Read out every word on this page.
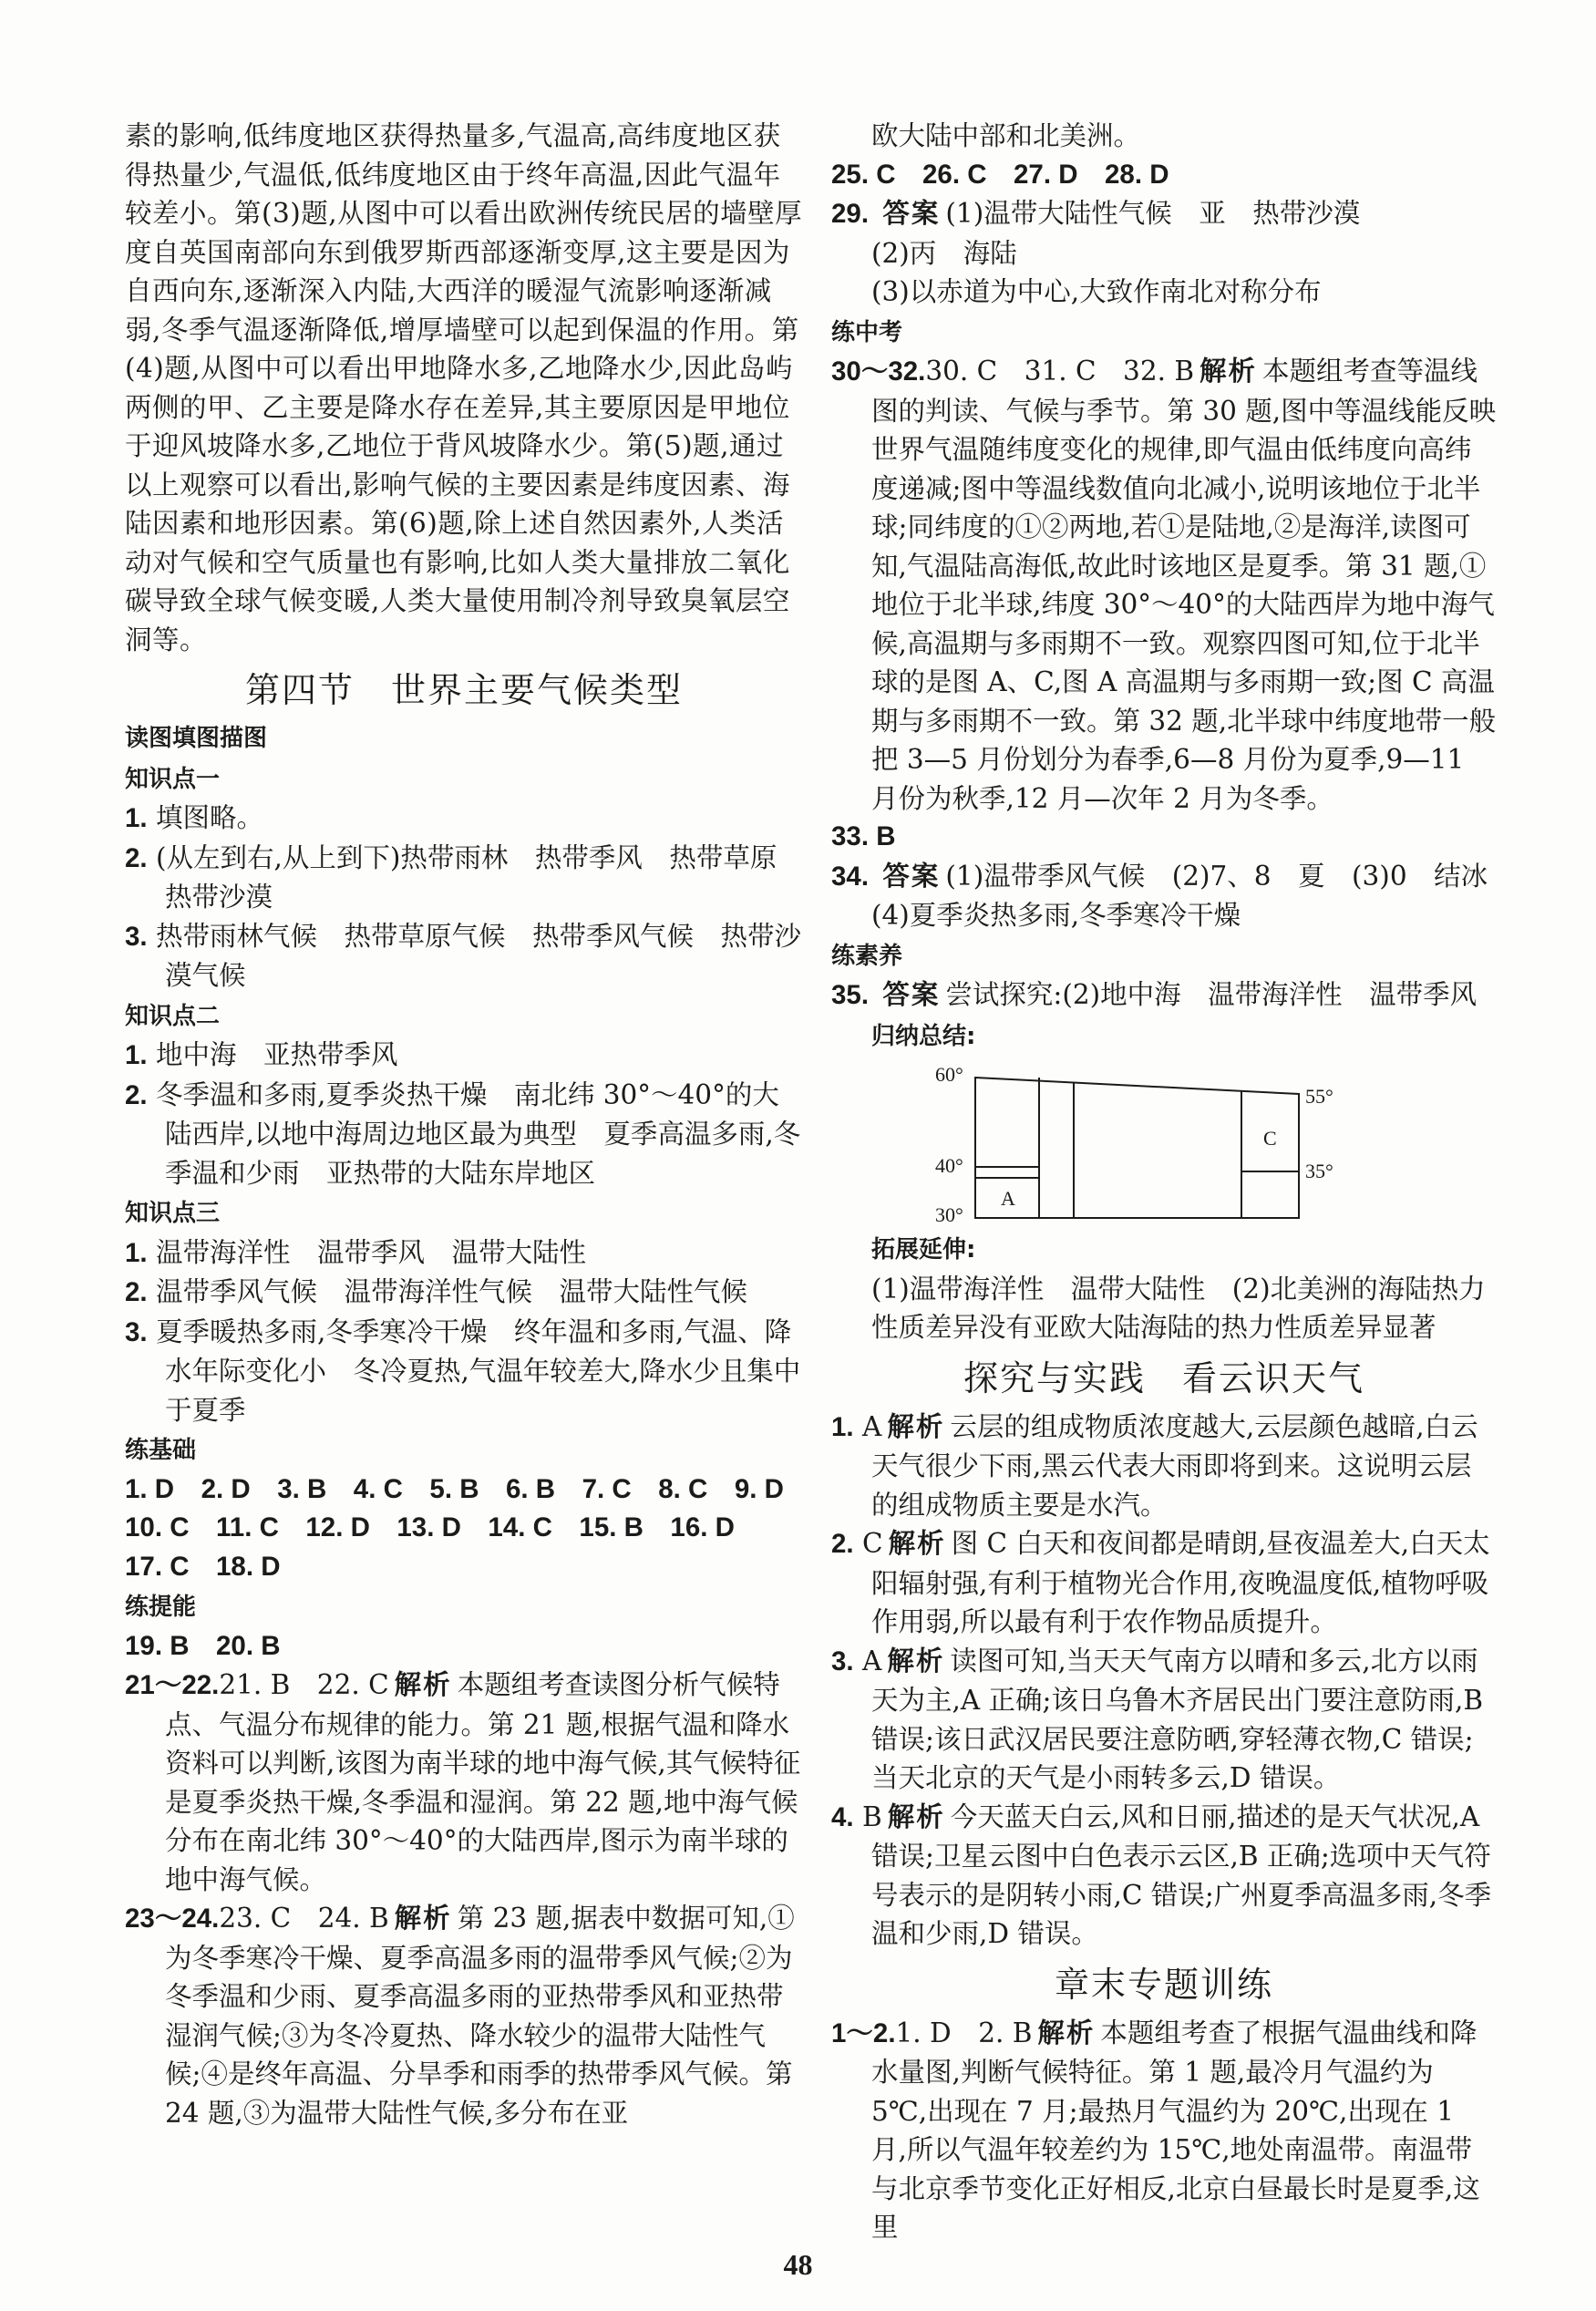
素的影响,低纬度地区获得热量多,气温高,高纬度地区获得热量少,气温低,低纬度地区由于终年高温,因此气温年较差小。第(3)题,从图中可以看出欧洲传统民居的墙壁厚度自英国南部向东到俄罗斯西部逐渐变厚,这主要是因为自西向东,逐渐深入内陆,大西洋的暖湿气流影响逐渐减弱,冬季气温逐渐降低,增厚墙壁可以起到保温的作用。第(4)题,从图中可以看出甲地降水多,乙地降水少,因此岛屿两侧的甲、乙主要是降水存在差异,其主要原因是甲地位于迎风坡降水多,乙地位于背风坡降水少。第(5)题,通过以上观察可以看出,影响气候的主要因素是纬度因素、海陆因素和地形因素。第(6)题,除上述自然因素外,人类活动对气候和空气质量也有影响,比如人类大量排放二氧化碳导致全球气候变暖,人类大量使用制冷剂导致臭氧层空洞等。

第四节　世界主要气候类型

读图填图描图

知识点一

1. 填图略。

2. (从左到右,从上到下)热带雨林　热带季风　热带草原　热带沙漠

3. 热带雨林气候　热带草原气候　热带季风气候　热带沙漠气候

知识点二

1. 地中海　亚热带季风

2. 冬季温和多雨,夏季炎热干燥　南北纬 30°～40°的大陆西岸,以地中海周边地区最为典型　夏季高温多雨,冬季温和少雨　亚热带的大陆东岸地区

知识点三

1. 温带海洋性　温带季风　温带大陆性

2. 温带季风气候　温带海洋性气候　温带大陆性气候

3. 夏季暖热多雨,冬季寒冷干燥　终年温和多雨,气温、降水年际变化小　冬冷夏热,气温年较差大,降水少且集中于夏季

练基础

1. D　2. D　3. B　4. C　5. B　6. B　7. C　8. C　9. D

10. C　11. C　12. D　13. D　14. C　15. B　16. D

17. C　18. D

练提能

19. B　20. B

21～22.21. B　22. C 解析 本题组考查读图分析气候特点、气温分布规律的能力。第 21 题,根据气温和降水资料可以判断,该图为南半球的地中海气候,其气候特征是夏季炎热干燥,冬季温和湿润。第 22 题,地中海气候分布在南北纬 30°～40°的大陆西岸,图示为南半球的地中海气候。

23～24.23. C　24. B 解析 第 23 题,据表中数据可知,①为冬季寒冷干燥、夏季高温多雨的温带季风气候;②为冬季温和少雨、夏季高温多雨的亚热带季风和亚热带湿润气候;③为冬冷夏热、降水较少的温带大陆性气候;④是终年高温、分旱季和雨季的热带季风气候。第 24 题,③为温带大陆性气候,多分布在亚

欧大陆中部和北美洲。

25. C　26. C　27. D　28. D

29. 答案 (1)温带大陆性气候　亚　热带沙漠

(2)丙　海陆

(3)以赤道为中心,大致作南北对称分布

练中考

30～32.30. C　31. C　32. B 解析 本题组考查等温线图的判读、气候与季节。第 30 题,图中等温线能反映世界气温随纬度变化的规律,即气温由低纬度向高纬度递减;图中等温线数值向北减小,说明该地位于北半球;同纬度的①②两地,若①是陆地,②是海洋,读图可知,气温陆高海低,故此时该地区是夏季。第 31 题,①地位于北半球,纬度 30°～40°的大陆西岸为地中海气候,高温期与多雨期不一致。观察四图可知,位于北半球的是图 A、C,图 A 高温期与多雨期一致;图 C 高温期与多雨期不一致。第 32 题,北半球中纬度地带一般把 3—5 月份划分为春季,6—8 月份为夏季,9—11 月份为秋季,12 月—次年 2 月为冬季。

33. B

34. 答案 (1)温带季风气候　(2)7、8　夏　(3)0　结冰

(4)夏季炎热多雨,冬季寒冷干燥

练素养

35. 答案 尝试探究:(2)地中海　温带海洋性　温带季风

归纳总结:

60°
40°
30°
55°
35°
A
C

拓展延伸:

(1)温带海洋性　温带大陆性　(2)北美洲的海陆热力性质差异没有亚欧大陆海陆的热力性质差异显著

探究与实践　看云识天气

1. A 解析 云层的组成物质浓度越大,云层颜色越暗,白云天气很少下雨,黑云代表大雨即将到来。这说明云层的组成物质主要是水汽。

2. C 解析 图 C 白天和夜间都是晴朗,昼夜温差大,白天太阳辐射强,有利于植物光合作用,夜晚温度低,植物呼吸作用弱,所以最有利于农作物品质提升。

3. A 解析 读图可知,当天天气南方以晴和多云,北方以雨天为主,A 正确;该日乌鲁木齐居民出门要注意防雨,B 错误;该日武汉居民要注意防晒,穿轻薄衣物,C 错误;当天北京的天气是小雨转多云,D 错误。

4. B 解析 今天蓝天白云,风和日丽,描述的是天气状况,A 错误;卫星云图中白色表示云区,B 正确;选项中天气符号表示的是阴转小雨,C 错误;广州夏季高温多雨,冬季温和少雨,D 错误。

章末专题训练

1～2.1. D　2. B 解析 本题组考查了根据气温曲线和降水量图,判断气候特征。第 1 题,最冷月气温约为 5℃,出现在 7 月;最热月气温约为 20℃,出现在 1 月,所以气温年较差约为 15℃,地处南温带。南温带与北京季节变化正好相反,北京白昼最长时是夏季,这里

48
